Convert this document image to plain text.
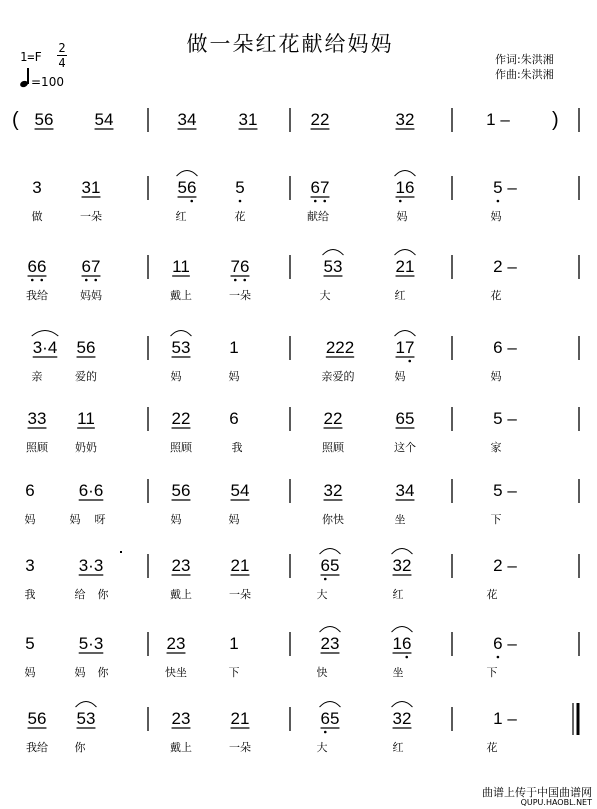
做一朵红花献给妈妈
1=F
2
4
=100
作词:朱洪湘
作曲:朱洪湘
(	)
56 54	34 31	22	32	1 –
3 31	56 5	67	16	5 –
做	一朵	红	花	献给	妈	妈
66 67	11 76	53	21	2 –
我给	妈妈	戴上	一朵	大	红	花
3·4 56	53 1	222 17	6 –
亲	爱的	妈	妈	亲爱的	妈	妈
33 11	22 6	22	65	5 –
照顾 奶奶	照顾	我	照顾	这个	家
6	6·6	56 54	32	34	5 –
妈	妈 呀	妈	妈	你快	坐	下
3	3·3	23 21	65	32	2 –
我	给 你	戴上	一朵	大	红	花
5	5·3	23	1	23	16	6 –
妈	妈 你	快坐	下	快	坐	下
56 53	23 21	65	32	1 –
我给 你	戴上	一朵	大	红	花
曲谱上传于中国曲谱网
QUPU.HAOBL.NET
